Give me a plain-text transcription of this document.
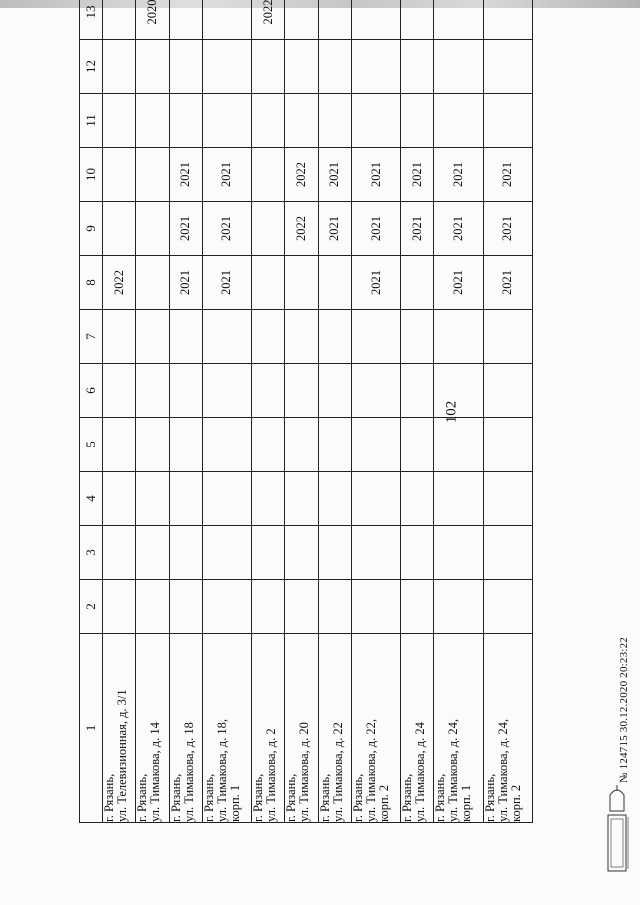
102
1	2	3	4	5	6	7	8	9	10	11	12	13
г. Рязань,
ул. Телевизионная, д. 3/1							2022					
г. Рязань,
ул. Тимакова, д. 14												2020
г. Рязань,
ул. Тимакова, д. 18							2021	2021	2021			
г. Рязань,
ул. Тимакова, д. 18,
корп. 1							2021	2021	2021			
г. Рязань,
ул. Тимакова, д. 2												2022
г. Рязань,
ул. Тимакова, д. 20								2022	2022			
г. Рязань,
ул. Тимакова, д. 22								2021	2021			
г. Рязань,
ул. Тимакова, д. 22,
корп. 2							2021	2021	2021			
г. Рязань,
ул. Тимакова, д. 24								2021	2021			
г. Рязань,
ул. Тимакова, д. 24,
корп. 1							2021	2021	2021			
г. Рязань,
ул. Тимакова, д. 24,
корп. 2							2021	2021	2021			
№ 124715 30.12.2020 20:23:22
